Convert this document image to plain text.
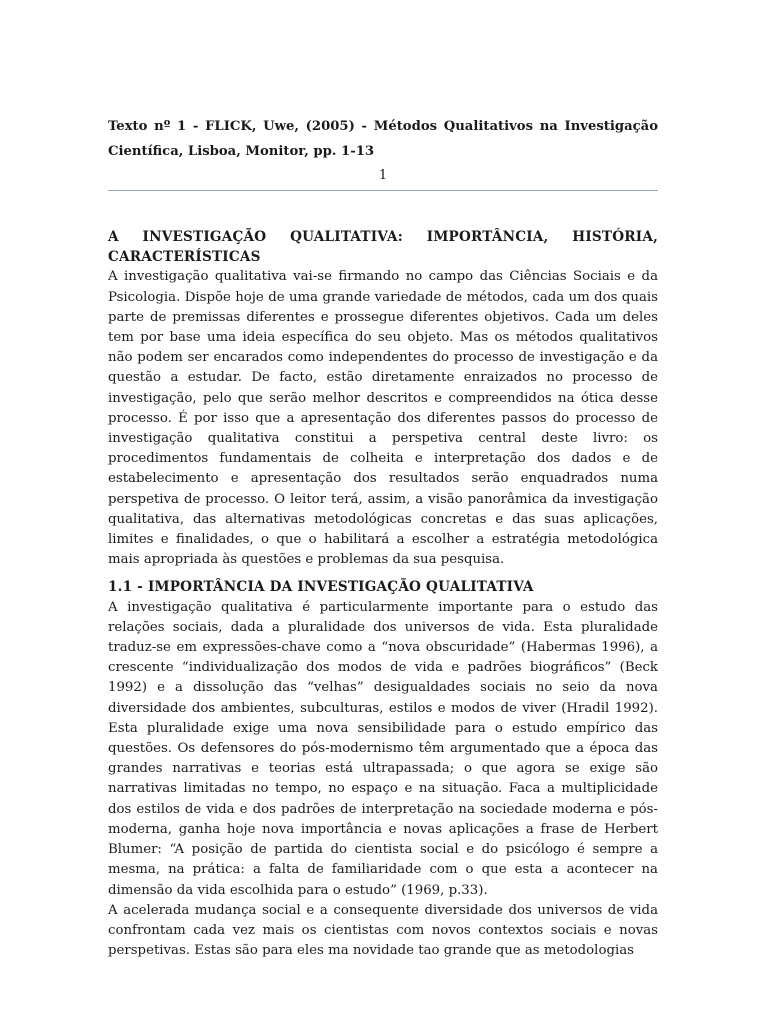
Texto nº 1 - FLICK, Uwe, (2005) - Métodos Qualitativos na Investigação Científica, Lisboa, Monitor, pp. 1-13

1
A INVESTIGAÇÃO QUALITATIVA: IMPORTÂNCIA, HISTÓRIA, CARACTERÍSTICAS

A investigação qualitativa vai-se firmando no campo das Ciências Sociais e da Psicologia. Dispõe hoje de uma grande variedade de métodos, cada um dos quais parte de premissas diferentes e prossegue diferentes objetivos. Cada um deles tem por base uma ideia específica do seu objeto. Mas os métodos qualitativos não podem ser encarados como independentes do processo de investigação e da questão a estudar. De facto, estão diretamente enraizados no processo de investigação, pelo que serão melhor descritos e compreendidos na ótica desse processo. É por isso que a apresentação dos diferentes passos do processo de investigação qualitativa constitui a perspetiva central deste livro: os procedimentos fundamentais de colheita e interpretação dos dados e de estabelecimento e apresentação dos resultados serão enquadrados numa perspetiva de processo. O leitor terá, assim, a visão panorâmica da investigação qualitativa, das alternativas metodológicas concretas e das suas aplicações, limites e finalidades, o que o habilitará a escolher a estratégia metodológica mais apropriada às questões e problemas da sua pesquisa.

1.1 - IMPORTÂNCIA DA INVESTIGAÇÃO QUALITATIVA

A investigação qualitativa é particularmente importante para o estudo das relações sociais, dada a pluralidade dos universos de vida. Esta pluralidade traduz-se em expressões-chave como a “nova obscuridade” (Habermas 1996), a crescente “individualização dos modos de vida e padrões biográficos” (Beck 1992) e a dissolução das “velhas” desigualdades sociais no seio da nova diversidade dos ambientes, subculturas, estilos e modos de viver (Hradil 1992). Esta pluralidade exige uma nova sensibilidade para o estudo empírico das questões. Os defensores do pós-modernismo têm argumentado que a época das grandes narrativas e teorias está ultrapassada; o que agora se exige são narrativas limitadas no tempo, no espaço e na situação. Faca a multiplicidade dos estilos de vida e dos padrões de interpretação na sociedade moderna e pós-moderna, ganha hoje nova importância e novas aplicações a frase de Herbert Blumer: “A posição de partida do cientista social e do psicólogo é sempre a mesma, na prática: a falta de familiaridade com o que esta a acontecer na dimensão da vida escolhida para o estudo” (1969, p.33).

A acelerada mudança social e a consequente diversidade dos universos de vida confrontam cada vez mais os cientistas com novos contextos sociais e novas perspetivas. Estas são para eles ma novidade tao grande que as metodologias
